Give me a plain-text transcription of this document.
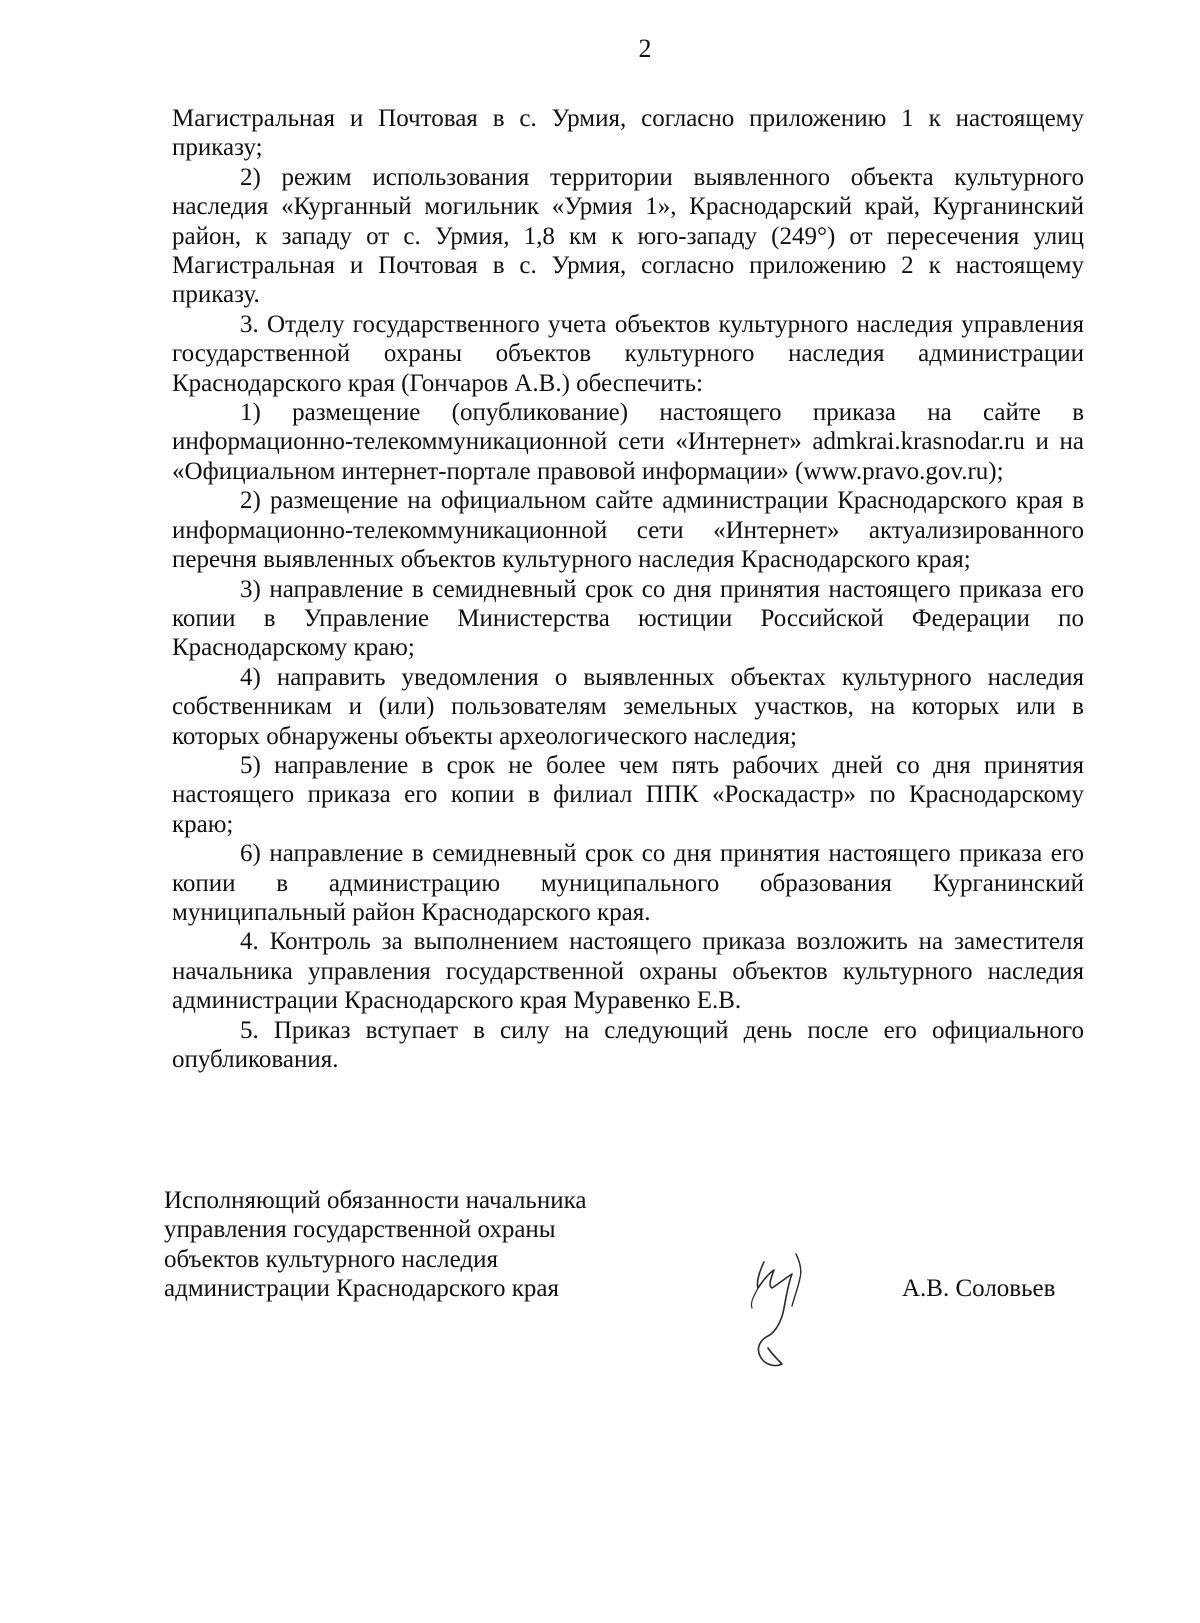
2

Магистральная и Почтовая в с. Урмия, согласно приложению 1 к настоящему приказу;

2) режим использования территории выявленного объекта культурного наследия «Курганный могильник «Урмия 1», Краснодарский край, Курганинский район, к западу от с. Урмия, 1,8 км к юго-западу (249°) от пересечения улиц Магистральная и Почтовая в с. Урмия, согласно приложению 2 к настоящему приказу.

3. Отделу государственного учета объектов культурного наследия управления государственной охраны объектов культурного наследия администрации Краснодарского края (Гончаров А.В.) обеспечить:

1) размещение (опубликование) настоящего приказа на сайте в информационно-телекоммуникационной сети «Интернет» admkrai.krasnodar.ru и на «Официальном интернет-портале правовой информации» (www.pravo.gov.ru);

2) размещение на официальном сайте администрации Краснодарского края в информационно-телекоммуникационной сети «Интернет» актуализированного перечня выявленных объектов культурного наследия Краснодарского края;

3) направление в семидневный срок со дня принятия настоящего приказа его копии в Управление Министерства юстиции Российской Федерации по Краснодарскому краю;

4) направить уведомления о выявленных объектах культурного наследия собственникам и (или) пользователям земельных участков, на которых или в которых обнаружены объекты археологического наследия;

5) направление в срок не более чем пять рабочих дней со дня принятия настоящего приказа его копии в филиал ППК «Роскадастр» по Краснодарскому краю;

6) направление в семидневный срок со дня принятия настоящего приказа его копии в администрацию муниципального образования Курганинский муниципальный район Краснодарского края.

4. Контроль за выполнением настоящего приказа возложить на заместителя начальника управления государственной охраны объектов культурного наследия администрации Краснодарского края Муравенко Е.В.

5. Приказ вступает в силу на следующий день после его официального опубликования.

Исполняющий обязанности начальника
управления государственной охраны
объектов культурного наследия
администрации Краснодарского края	А.В. Соловьев
